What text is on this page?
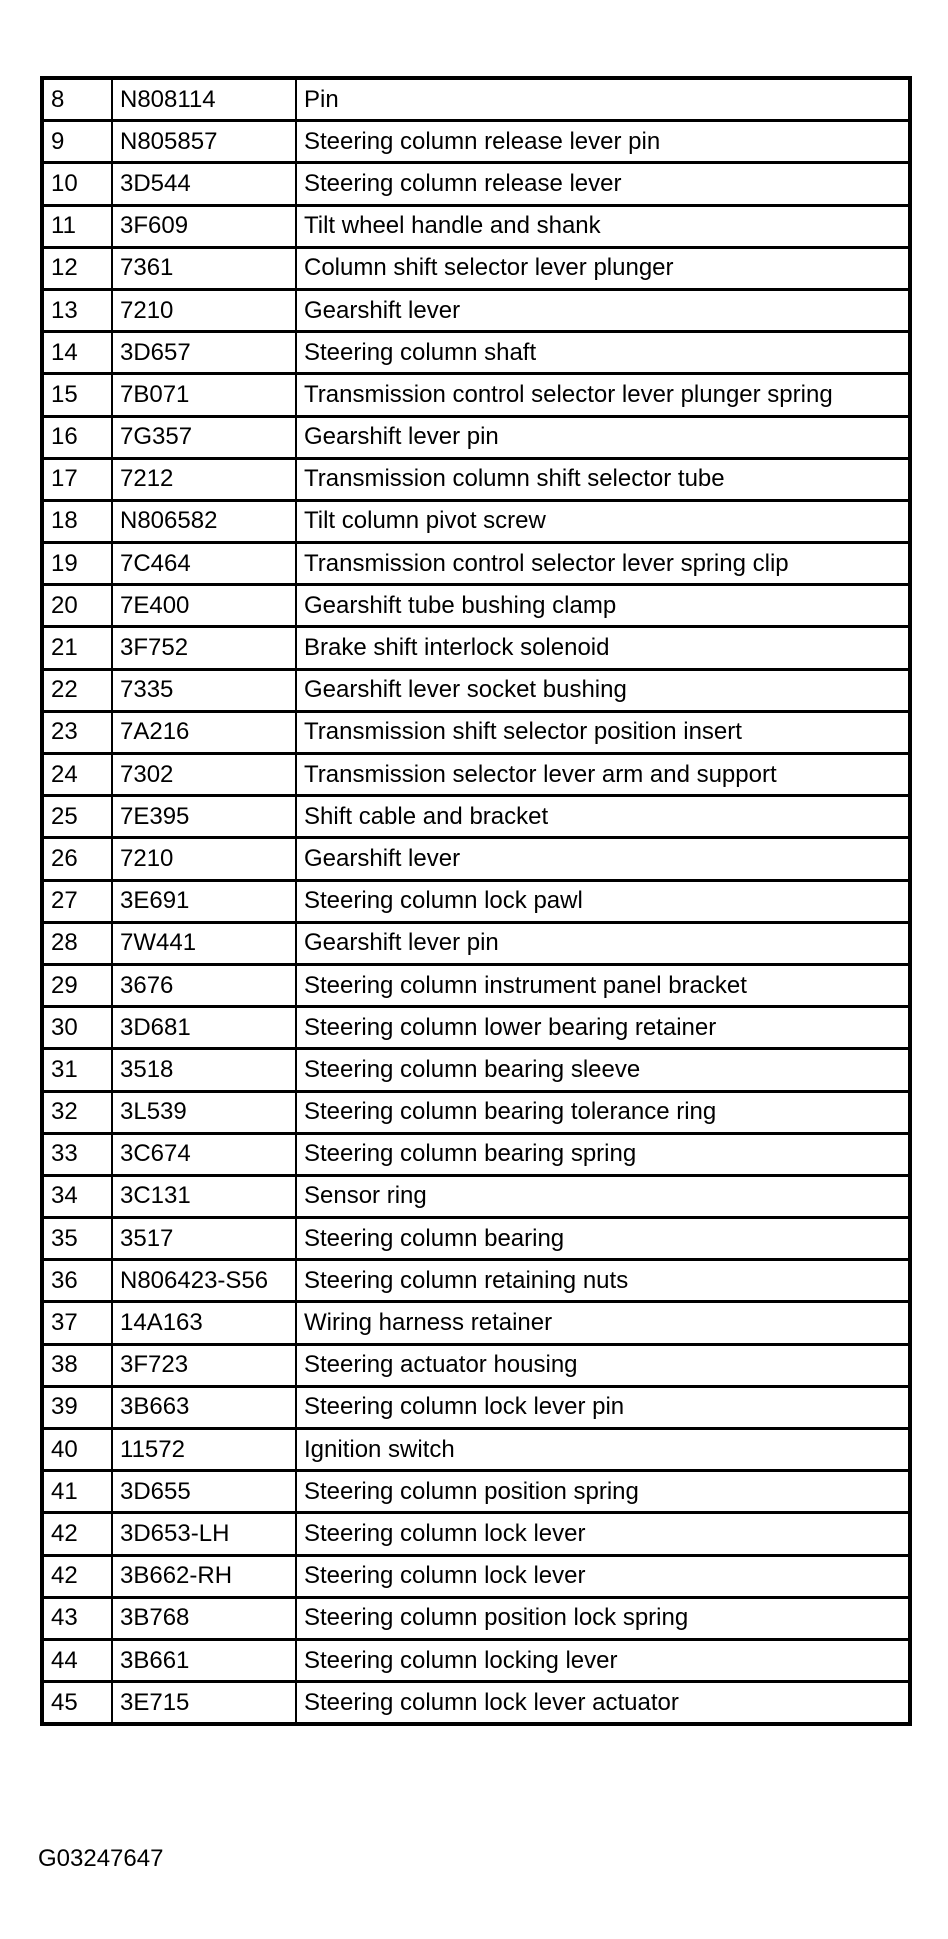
8	N808114	Pin
9	N805857	Steering column release lever pin
10	3D544	Steering column release lever
11	3F609	Tilt wheel handle and shank
12	7361	Column shift selector lever plunger
13	7210	Gearshift lever
14	3D657	Steering column shaft
15	7B071	Transmission control selector lever plunger spring
16	7G357	Gearshift lever pin
17	7212	Transmission column shift selector tube
18	N806582	Tilt column pivot screw
19	7C464	Transmission control selector lever spring clip
20	7E400	Gearshift tube bushing clamp
21	3F752	Brake shift interlock solenoid
22	7335	Gearshift lever socket bushing
23	7A216	Transmission shift selector position insert
24	7302	Transmission selector lever arm and support
25	7E395	Shift cable and bracket
26	7210	Gearshift lever
27	3E691	Steering column lock pawl
28	7W441	Gearshift lever pin
29	3676	Steering column instrument panel bracket
30	3D681	Steering column lower bearing retainer
31	3518	Steering column bearing sleeve
32	3L539	Steering column bearing tolerance ring
33	3C674	Steering column bearing spring
34	3C131	Sensor ring
35	3517	Steering column bearing
36	N806423-S56	Steering column retaining nuts
37	14A163	Wiring harness retainer
38	3F723	Steering actuator housing
39	3B663	Steering column lock lever pin
40	11572	Ignition switch
41	3D655	Steering column position spring
42	3D653-LH	Steering column lock lever
42	3B662-RH	Steering column lock lever
43	3B768	Steering column position lock spring
44	3B661	Steering column locking lever
45	3E715	Steering column lock lever actuator
G03247647
